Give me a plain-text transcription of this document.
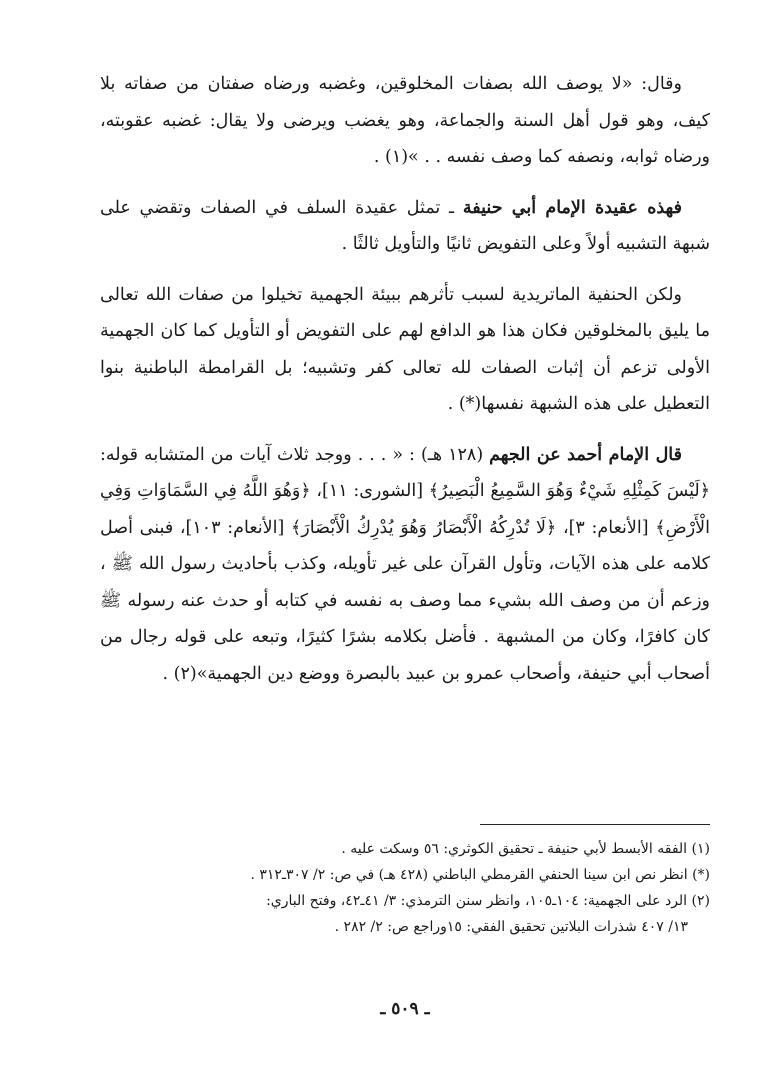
وقال: «لا يوصف الله بصفات المخلوقين، وغضبه ورضاه صفتان من صفاته بلا كيف، وهو قول أهل السنة والجماعة، وهو يغضب ويرضى ولا يقال: غضبه عقوبته، ورضاه ثوابه، ونصفه كما وصف نفسه . . »(١) .

فهذه عقيدة الإمام أبي حنيفة ـ تمثل عقيدة السلف في الصفات وتقضي على شبهة التشبيه أولاً وعلى التفويض ثانيًا والتأويل ثالثًا .

ولكن الحنفية الماتريدية لسبب تأثرهم ببيئة الجهمية تخيلوا من صفات الله تعالى ما يليق بالمخلوقين فكان هذا هو الدافع لهم على التفويض أو التأويل كما كان الجهمية الأولى تزعم أن إثبات الصفات لله تعالى كفر وتشبيه؛ بل القرامطة الباطنية بنوا التعطيل على هذه الشبهة نفسها(*) .

قال الإمام أحمد عن الجهم (١٢٨ هـ) : « . . . ووجد ثلاث آيات من المتشابه قوله: ﴿لَيْسَ كَمِثْلِهِ شَيْءٌ وَهُوَ السَّمِيعُ الْبَصِيرُ﴾ [الشورى: ١١]، ﴿وَهُوَ اللَّهُ فِي السَّمَاوَاتِ وَفِي الْأَرْضِ﴾ [الأنعام: ٣]، ﴿لَا تُدْرِكُهُ الْأَبْصَارُ وَهُوَ يُدْرِكُ الْأَبْصَارَ﴾ [الأنعام: ١٠٣]، فبنى أصل كلامه على هذه الآيات، وتأول القرآن على غير تأويله، وكذب بأحاديث رسول الله ﷺ ، وزعم أن من وصف الله بشيء مما وصف به نفسه في كتابه أو حدث عنه رسوله ﷺ كان كافرًا، وكان من المشبهة . فأضل بكلامه بشرًا كثيرًا، وتبعه على قوله رجال من أصحاب أبي حنيفة، وأصحاب عمرو بن عبيد بالبصرة ووضع دين الجهمية»(٢) .

(١) الفقه الأبسط لأبي حنيفة ـ تحقيق الكوثري: ٥٦ وسكت عليه .

(*) انظر نص ابن سينا الحنفي القرمطي الباطني (٤٢٨ هـ) في ص: ٢/ ٣٠٧ـ٣١٢ .

(٢) الرد على الجهمية: ١٠٤ـ١٠٥، وانظر سنن الترمذي: ٣/ ٤١ـ٤٢، وفتح الباري:

١٣/ ٤٠٧ شذرات البلاتين تحقيق الفقي: ١٥وراجع ص: ٢/ ٢٨٢ .

ـ ٥٠٩ ـ
